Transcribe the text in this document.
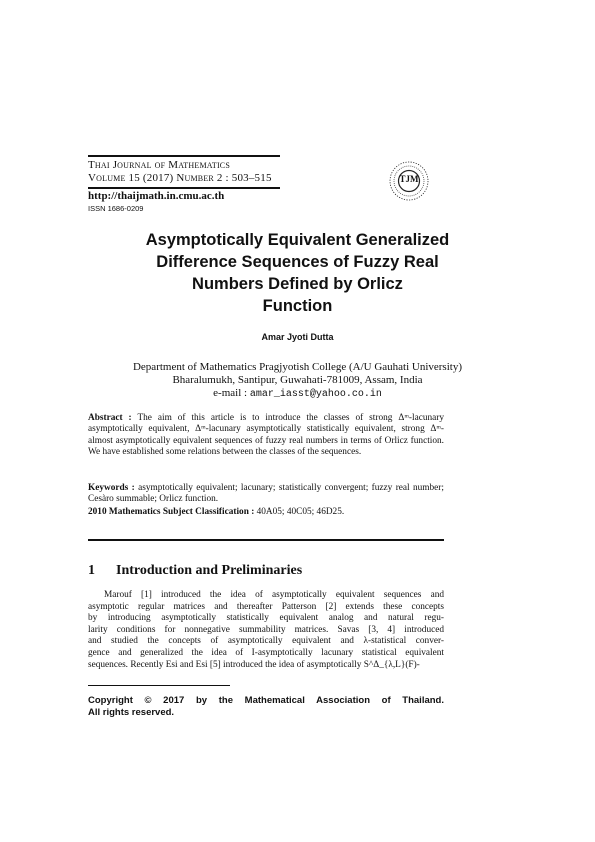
Thai Journal of Mathematics
Volume 15 (2017) Number 2 : 503–515
http://thaijmath.in.cmu.ac.th
ISSN 1686-0209
TJM
Asymptotically Equivalent Generalized
Difference Sequences of Fuzzy Real
Numbers Defined by Orlicz
Function
Amar Jyoti Dutta
Department of Mathematics Pragjyotish College (A/U Gauhati University)
Bharalumukh, Santipur, Guwahati-781009, Assam, India
e-mail : amar_iasst@yahoo.co.in
Abstract : The aim of this article is to introduce the classes of strong Δᵐ-lacunary asymptotically equivalent, Δᵐ-lacunary asymptotically statistically equivalent, strong Δᵐ-almost asymptotically equivalent sequences of fuzzy real numbers in terms of Orlicz function. We have established some relations between the classes of the sequences.
Keywords : asymptotically equivalent; lacunary; statistically convergent; fuzzy real number; Cesàro summable; Orlicz function.
2010 Mathematics Subject Classification : 40A05; 40C05; 46D25.
1 Introduction and Preliminaries
Marouf [1] introduced the idea of asymptotically equivalent sequences and
asymptotic regular matrices and thereafter Patterson [2] extends these concepts
by introducing asymptotically statistically equivalent analog and natural regu-
larity conditions for nonnegative summability matrices. Savas [3, 4] introduced
and studied the concepts of asymptotically equivalent and λ-statistical conver-
gence and generalized the idea of I-asymptotically lacunary statistical equivalent
sequences. Recently Esi and Esi [5] introduced the idea of asymptotically S^Δ_{λ,L}(F)-
Copyright © 2017 by the Mathematical Association of Thailand.
All rights reserved.
